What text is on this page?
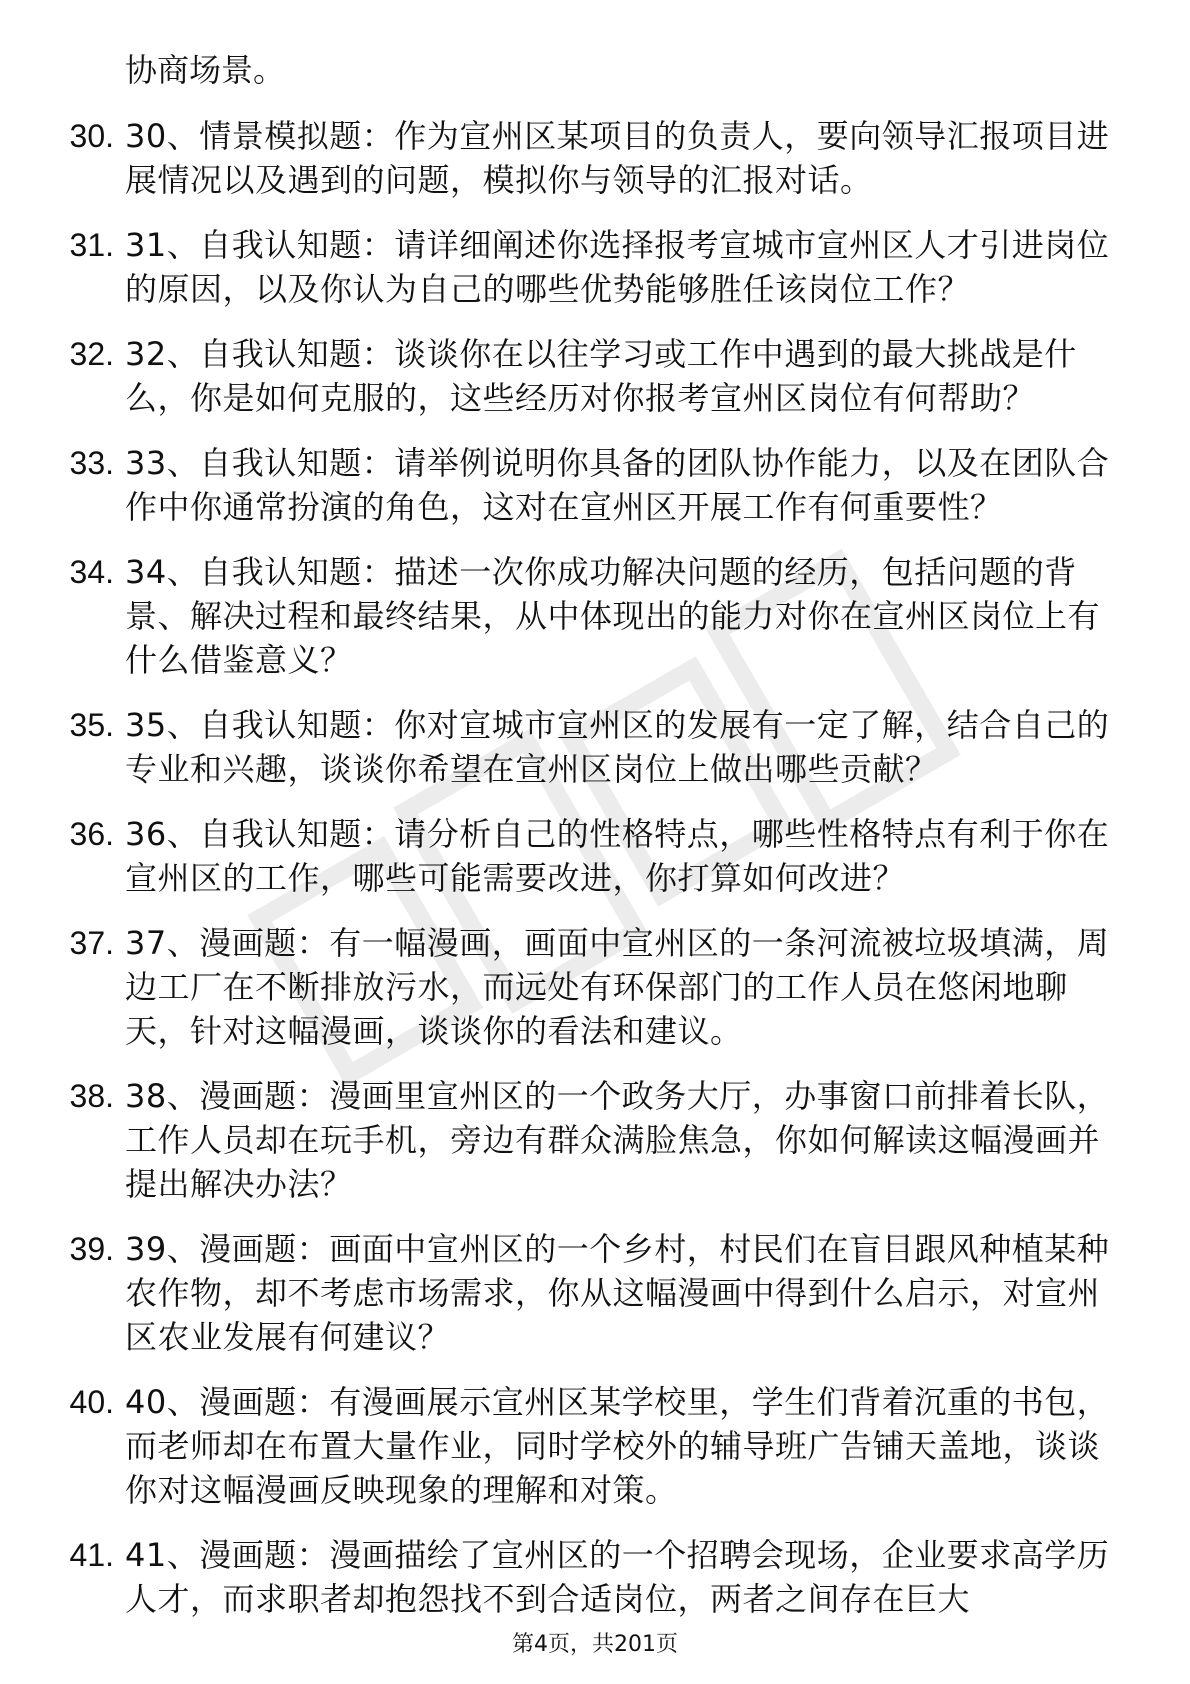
协商场景。
30. 30、情景模拟题：作为宣州区某项目的负责人，要向领导汇报项目进展情况以及遇到的问题，模拟你与领导的汇报对话。
31. 31、自我认知题：请详细阐述你选择报考宣城市宣州区人才引进岗位的原因，以及你认为自己的哪些优势能够胜任该岗位工作？
32. 32、自我认知题：谈谈你在以往学习或工作中遇到的最大挑战是什么，你是如何克服的，这些经历对你报考宣州区岗位有何帮助？
33. 33、自我认知题：请举例说明你具备的团队协作能力，以及在团队合作中你通常扮演的角色，这对在宣州区开展工作有何重要性？
34. 34、自我认知题：描述一次你成功解决问题的经历，包括问题的背景、解决过程和最终结果，从中体现出的能力对你在宣州区岗位上有什么借鉴意义？
35. 35、自我认知题：你对宣城市宣州区的发展有一定了解，结合自己的专业和兴趣，谈谈你希望在宣州区岗位上做出哪些贡献？
36. 36、自我认知题：请分析自己的性格特点，哪些性格特点有利于你在宣州区的工作，哪些可能需要改进，你打算如何改进？
37. 37、漫画题：有一幅漫画，画面中宣州区的一条河流被垃圾填满，周边工厂在不断排放污水，而远处有环保部门的工作人员在悠闲地聊天，针对这幅漫画，谈谈你的看法和建议。
38. 38、漫画题：漫画里宣州区的一个政务大厅，办事窗口前排着长队，工作人员却在玩手机，旁边有群众满脸焦急，你如何解读这幅漫画并提出解决办法？
39. 39、漫画题：画面中宣州区的一个乡村，村民们在盲目跟风种植某种农作物，却不考虑市场需求，你从这幅漫画中得到什么启示，对宣州区农业发展有何建议？
40. 40、漫画题：有漫画展示宣州区某学校里，学生们背着沉重的书包，而老师却在布置大量作业，同时学校外的辅导班广告铺天盖地，谈谈你对这幅漫画反映现象的理解和对策。
41. 41、漫画题：漫画描绘了宣州区的一个招聘会现场，企业要求高学历人才，而求职者却抱怨找不到合适岗位，两者之间存在巨大
第4页，共201页
